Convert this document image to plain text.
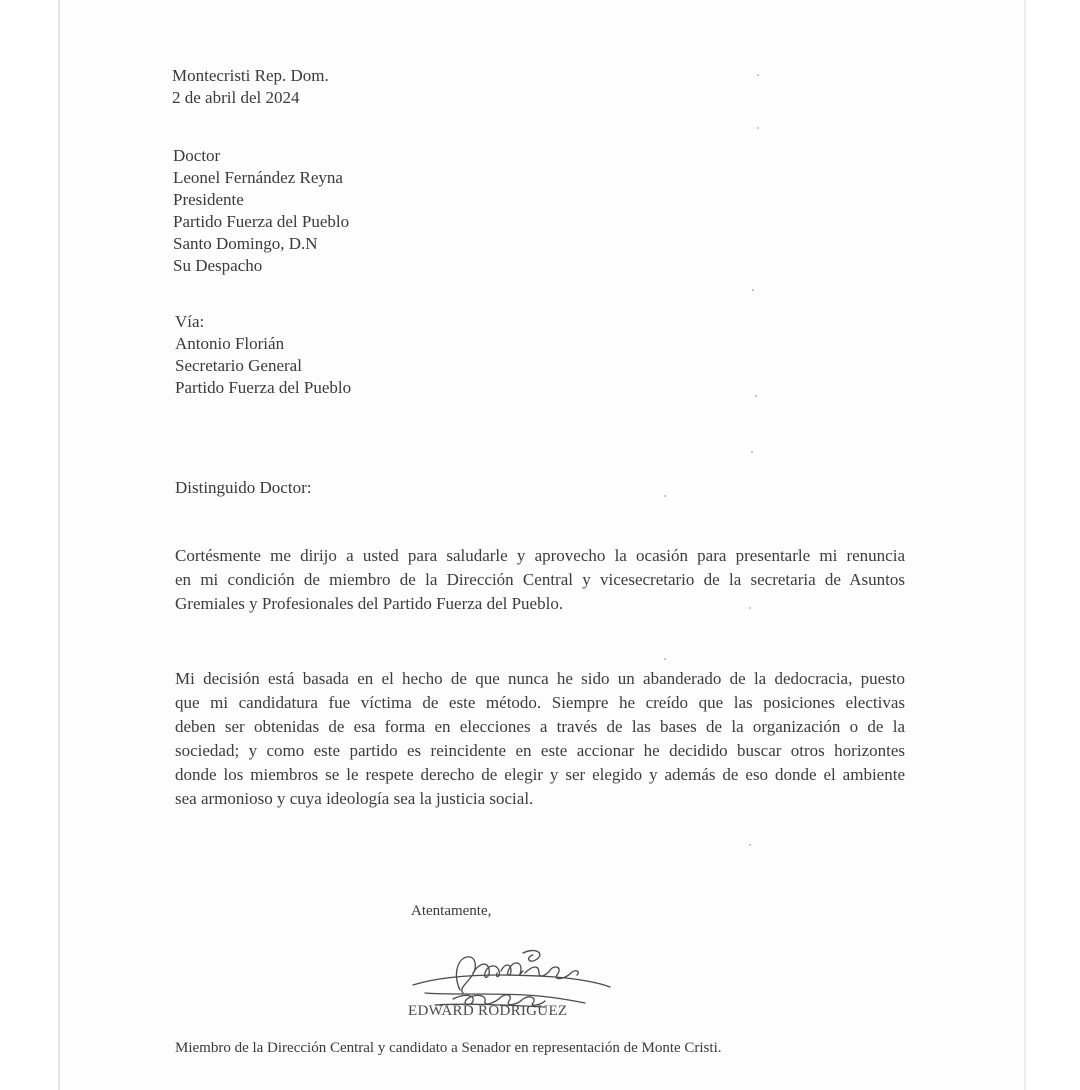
Montecristi Rep. Dom.
2 de abril del 2024
Doctor
Leonel Fernández Reyna
Presidente
Partido Fuerza del Pueblo
Santo Domingo, D.N
Su Despacho
Vía:
Antonio Florián
Secretario General
Partido Fuerza del Pueblo
Distinguido Doctor:
Cortésmente me dirijo a usted para saludarle y aprovecho la ocasión para presentarle mi renuncia
en mi condición de miembro de la Dirección Central y vicesecretario de la secretaria de Asuntos
Gremiales y Profesionales del Partido Fuerza del Pueblo.
Mi decisión está basada en el hecho de que nunca he sido un abanderado de la dedocracia, puesto
que mi candidatura fue víctima de este método. Siempre he creído que las posiciones electivas
deben ser obtenidas de esa forma en elecciones a través de las bases de la organización o de la
sociedad; y como este partido es reincidente en este accionar he decidido buscar otros horizontes
donde los miembros se le respete derecho de elegir y ser elegido y además de eso donde el ambiente
sea armonioso y cuya ideología sea la justicia social.
Atentamente,
EDWARD RODRIGUEZ
Miembro de la Dirección Central y candidato a Senador en representación de Monte Cristi.
